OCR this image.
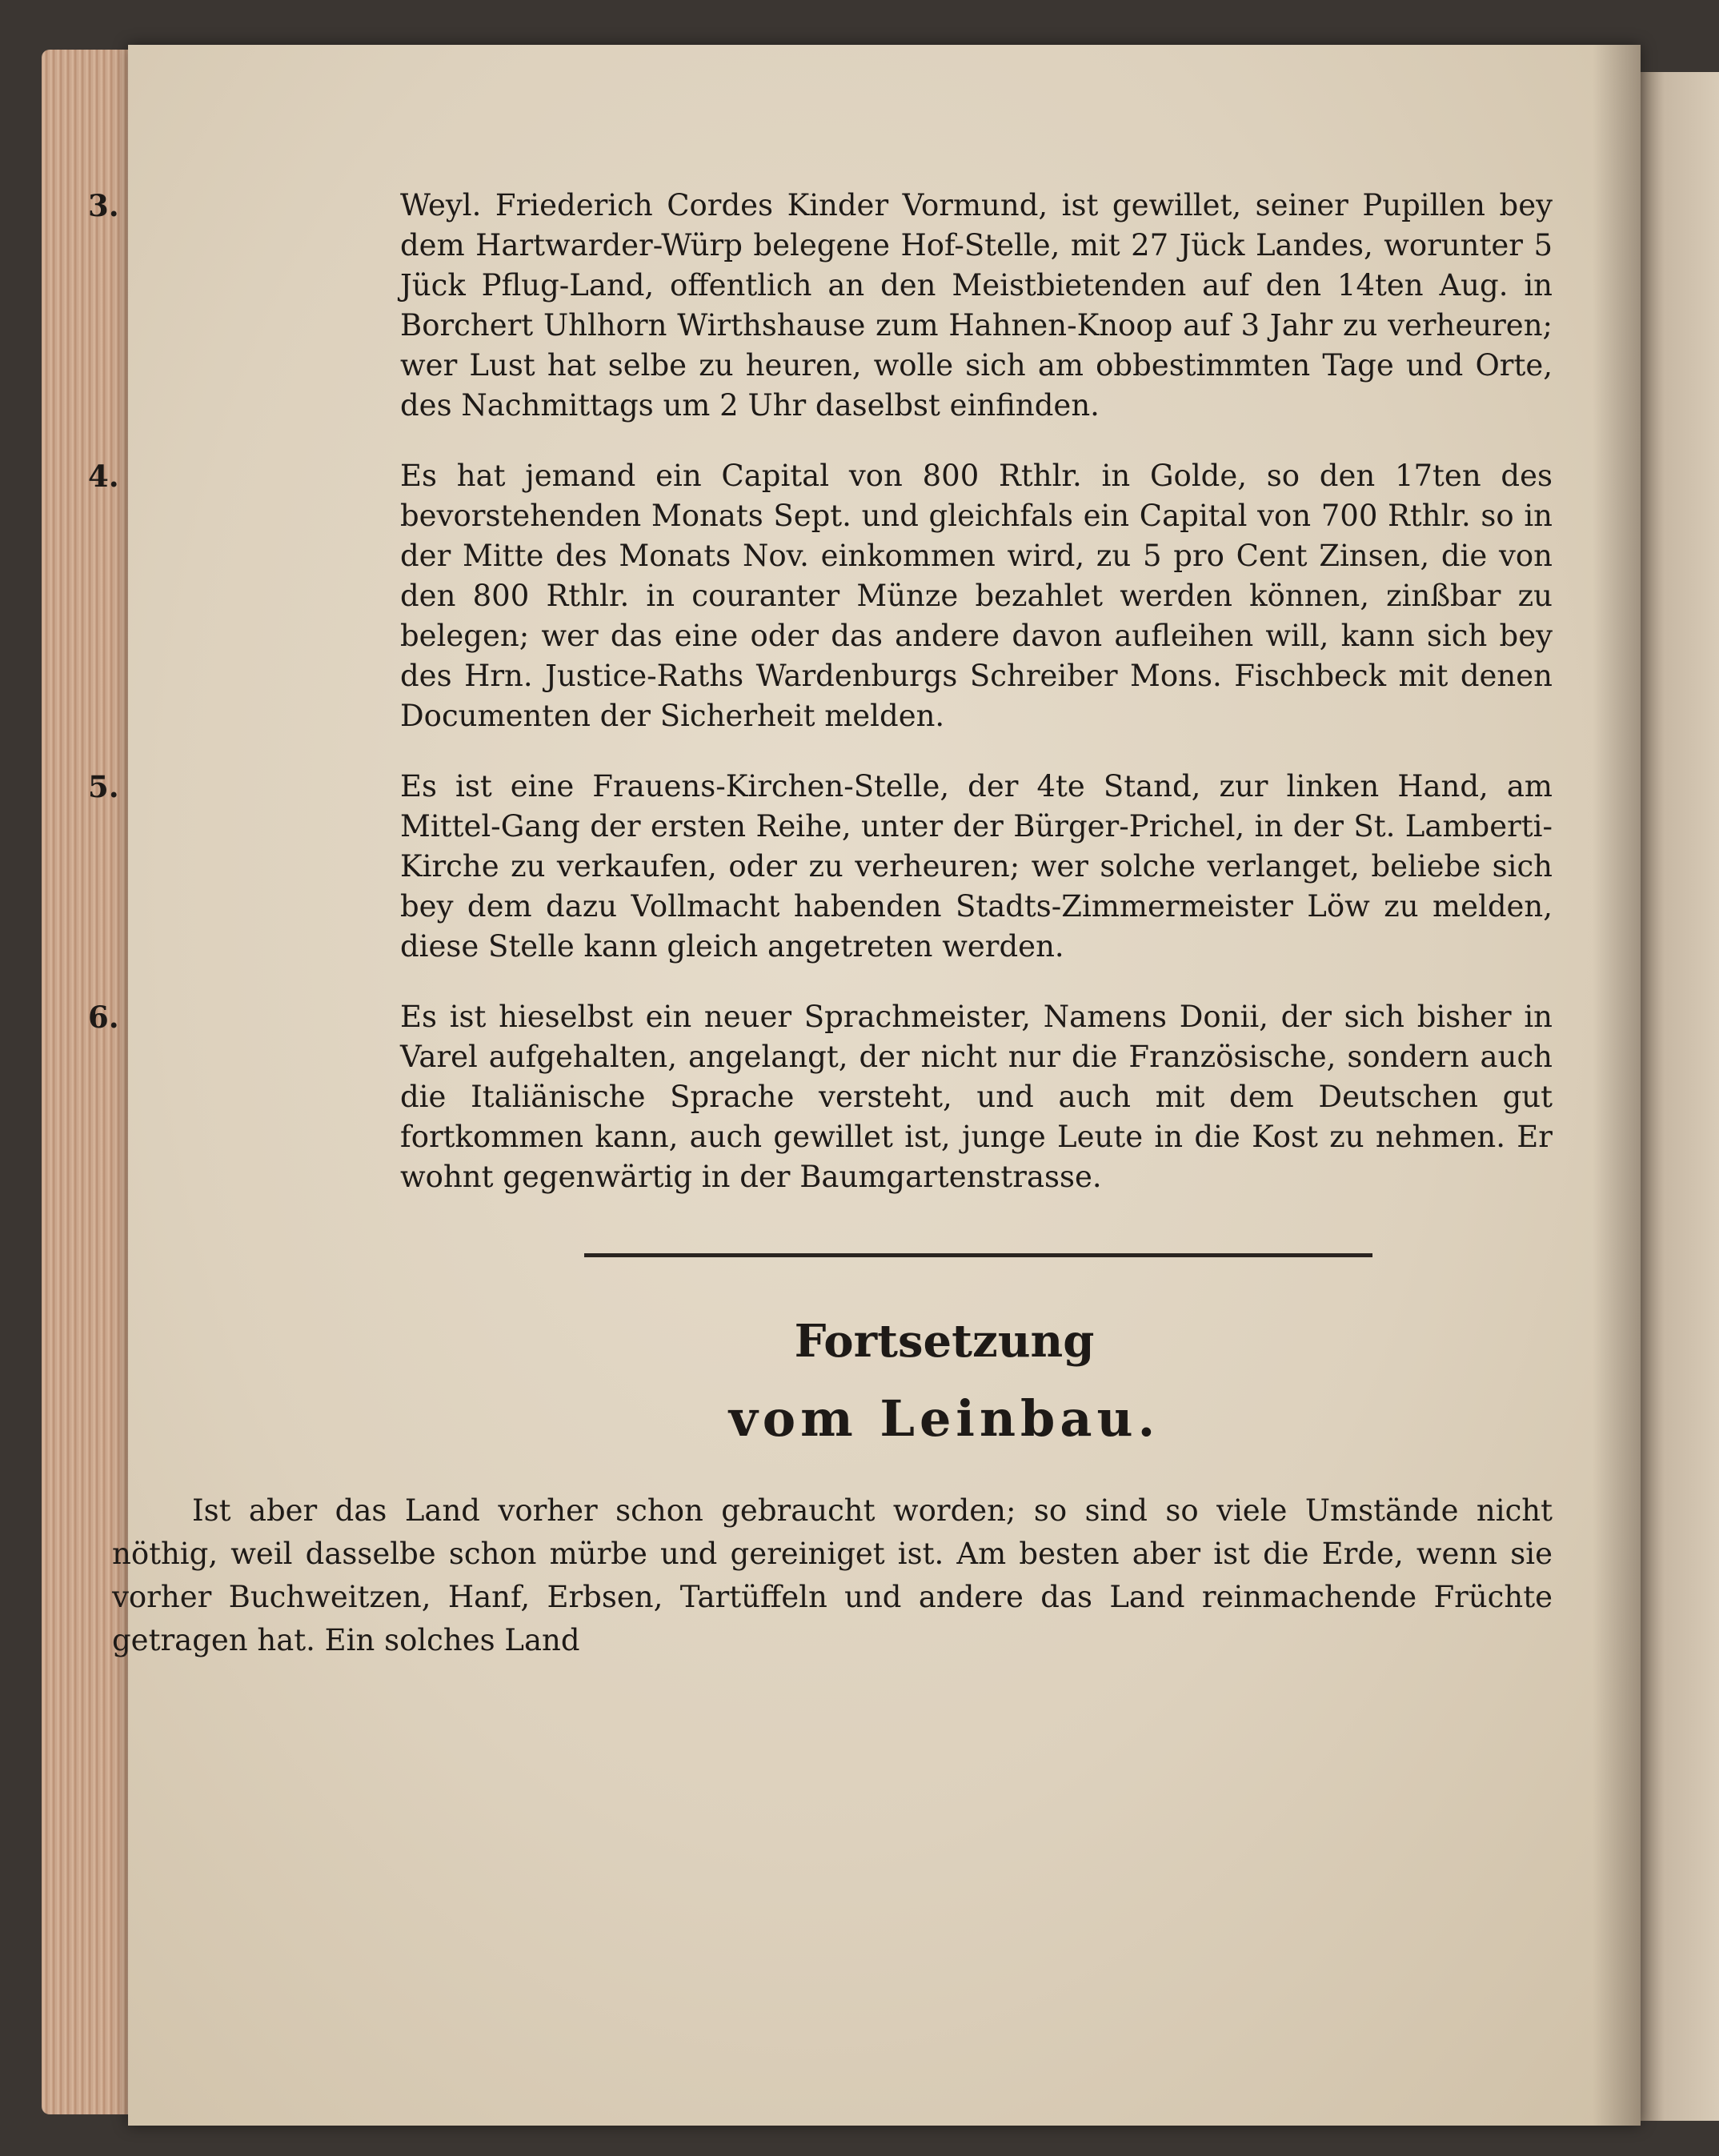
3.	Weyl. Friederich Cordes Kinder Vormund, ist gewillet, seiner Pupillen bey dem Hartwarder-Würp belegene Hof-Stelle, mit 27 Jück Landes, worunter 5 Jück Pflug-Land, offentlich an den Meistbietenden auf den 14ten Aug. in Borchert Uhlhorn Wirthshause zum Hahnen-Knoop auf 3 Jahr zu verheuren; wer Lust hat selbe zu heuren, wolle sich am obbestimmten Tage und Orte, des Nachmittags um 2 Uhr daselbst einfinden.
4.	Es hat jemand ein Capital von 800 Rthlr. in Golde, so den 17ten des bevorstehenden Monats Sept. und gleichfals ein Capital von 700 Rthlr. so in der Mitte des Monats Nov. einkommen wird, zu 5 pro Cent Zinsen, die von den 800 Rthlr. in couranter Münze bezahlet werden können, zinßbar zu belegen; wer das eine oder das andere davon aufleihen will, kann sich bey des Hrn. Justice-Raths Wardenburgs Schreiber Mons. Fischbeck mit denen Documenten der Sicherheit melden.
5.	Es ist eine Frauens-Kirchen-Stelle, der 4te Stand, zur linken Hand, am Mittel-Gang der ersten Reihe, unter der Bürger-Prichel, in der St. Lamberti-Kirche zu verkaufen, oder zu verheuren; wer solche verlanget, beliebe sich bey dem dazu Vollmacht habenden Stadts-Zimmermeister Löw zu melden, diese Stelle kann gleich angetreten werden.
6.	Es ist hieselbst ein neuer Sprachmeister, Namens Donii, der sich bisher in Varel aufgehalten, angelangt, der nicht nur die Französische, sondern auch die Italiänische Sprache versteht, und auch mit dem Deutschen gut fortkommen kann, auch gewillet ist, junge Leute in die Kost zu nehmen. Er wohnt gegenwärtig in der Baumgartenstrasse.
Fortsetzung
vom Leinbau.
Ist aber das Land vorher schon gebraucht worden; so sind so viele Umstände nicht nöthig, weil dasselbe schon mürbe und gereiniget ist. Am besten aber ist die Erde, wenn sie vorher Buchweitzen, Hanf, Erbsen, Tartüffeln und andere das Land reinmachende Früchte getragen hat. Ein solches Land
